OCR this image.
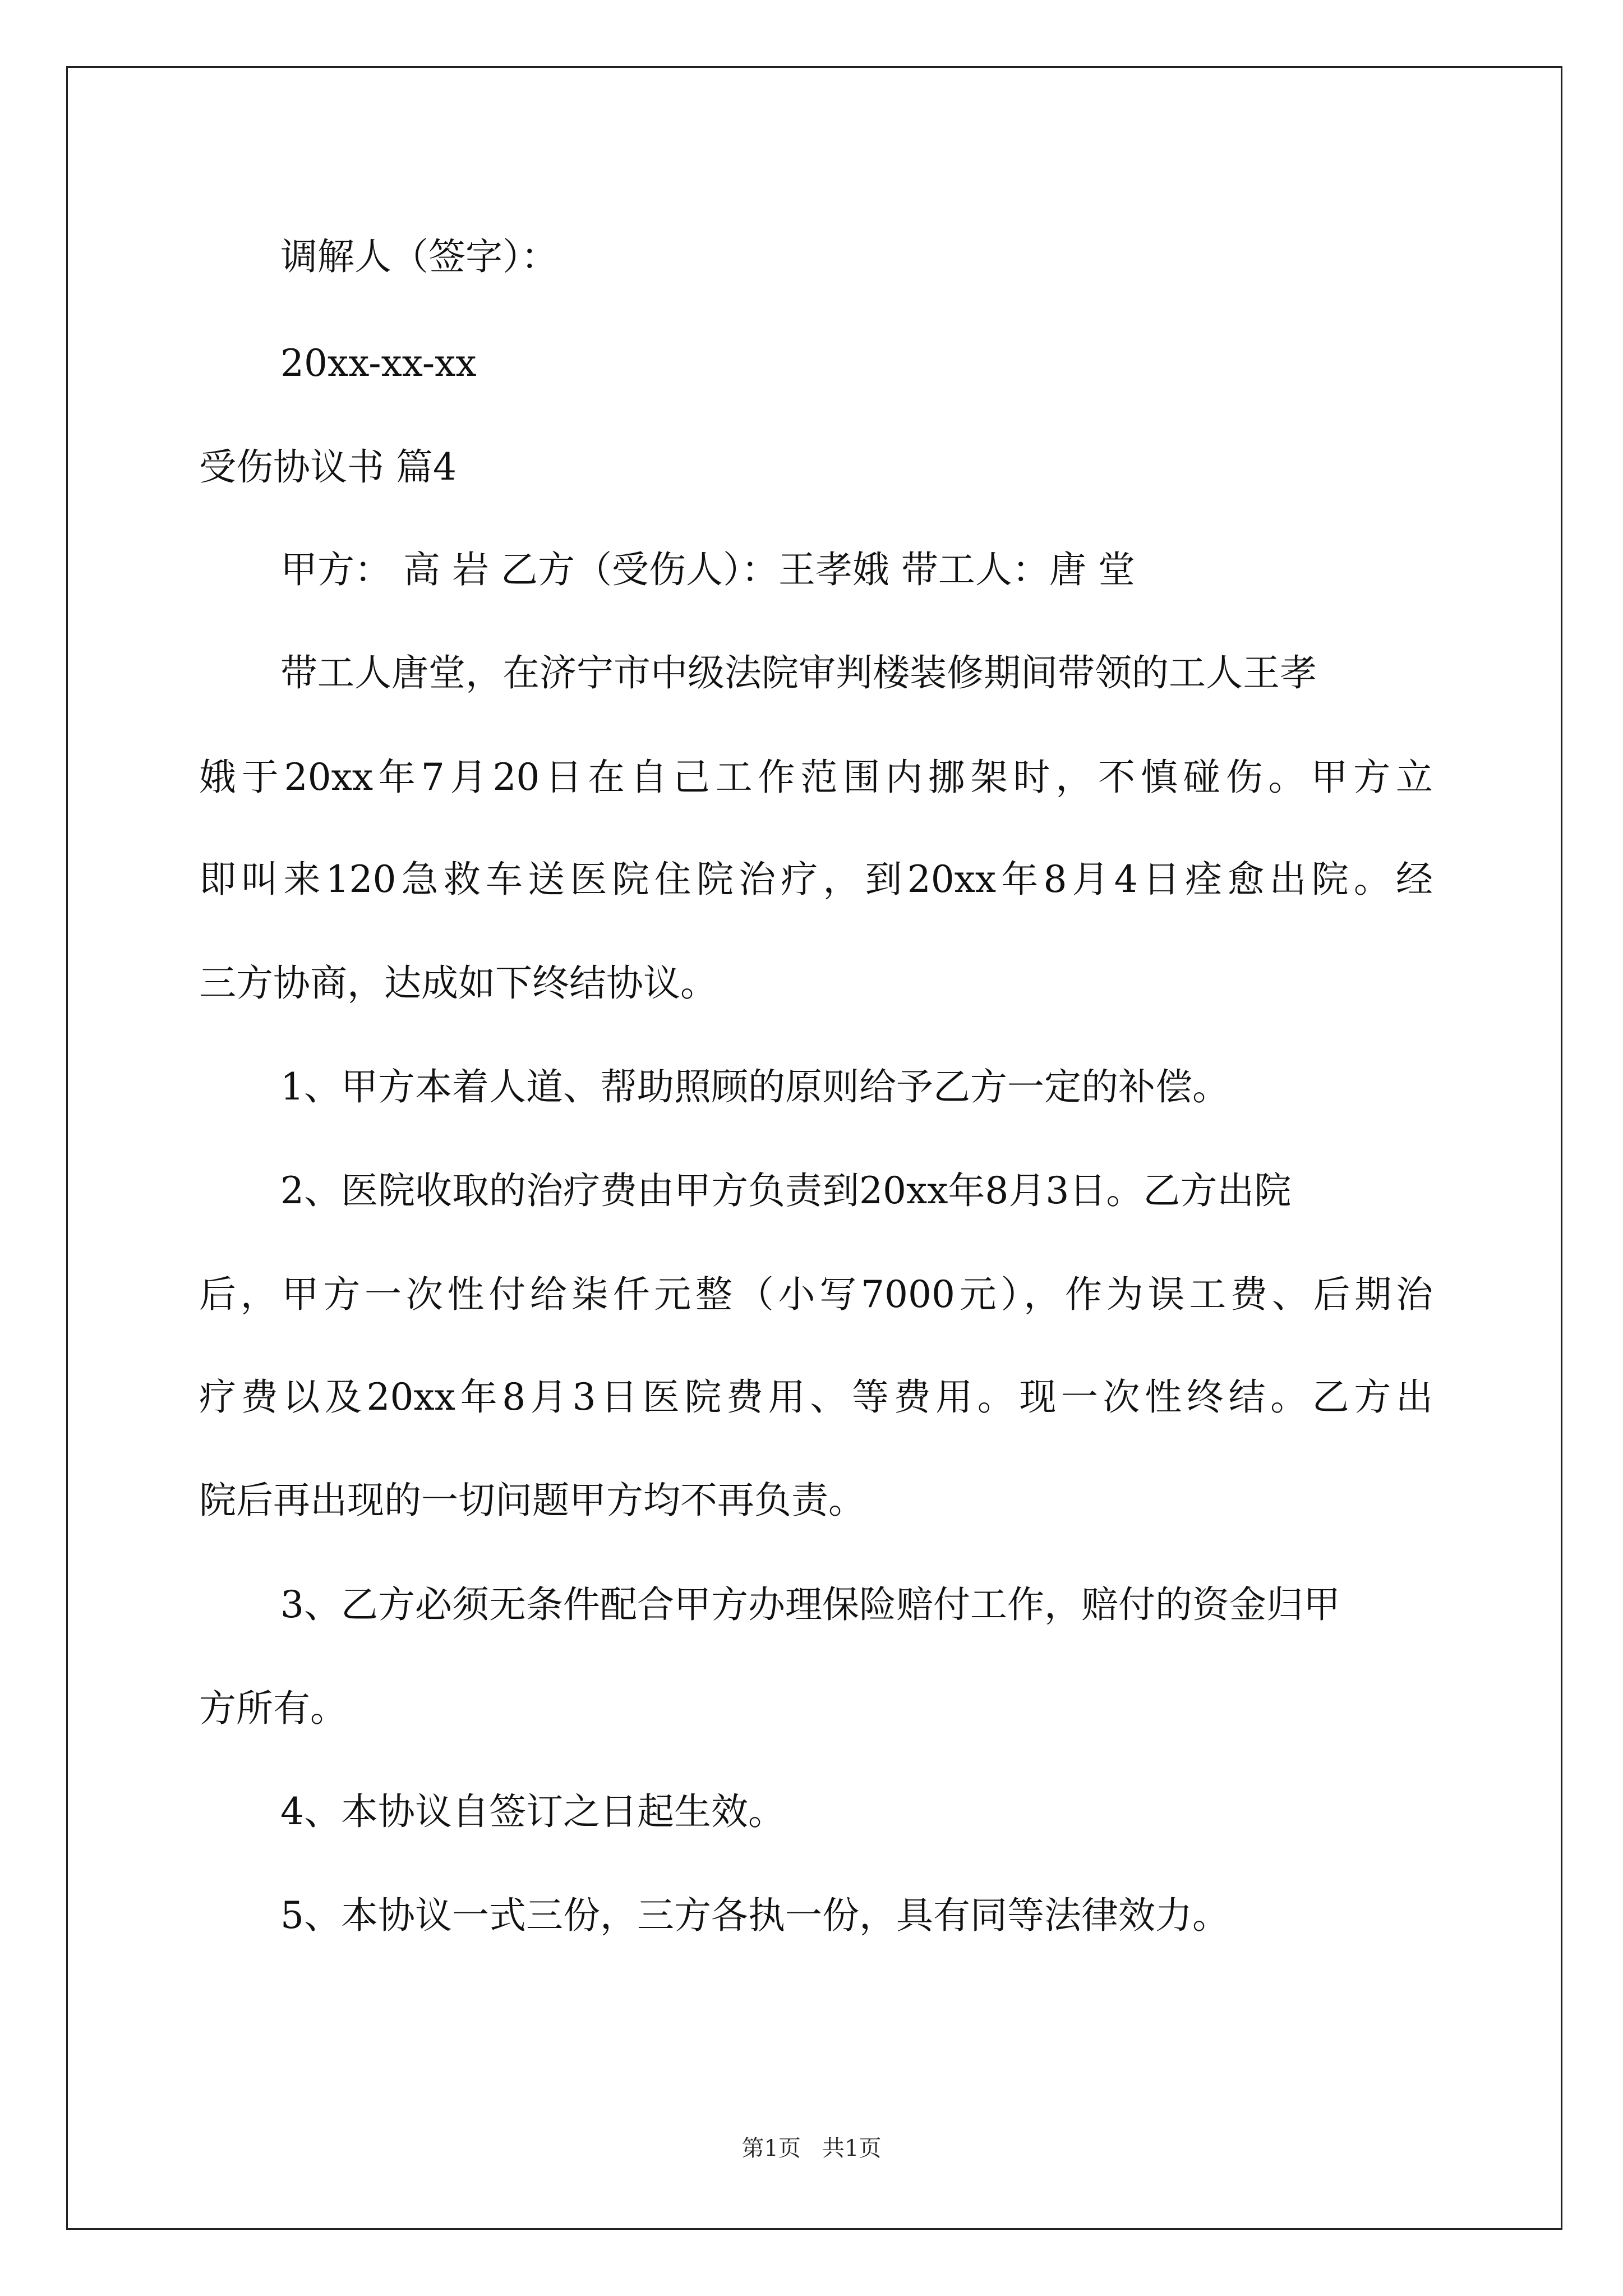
调解人（签字）：
20xx-xx-xx
受伤协议书 篇4
甲方： 高 岩 乙方（受伤人）：王孝娥 带工人：唐 堂
带工人唐堂，在济宁市中级法院审判楼装修期间带领的工人王孝
娥于20xx年7月20日在自己工作范围内挪架时，不慎碰伤。甲方立
即叫来120急救车送医院住院治疗，到20xx年8月4日痊愈出院。经
三方协商，达成如下终结协议。
1、甲方本着人道、帮助照顾的原则给予乙方一定的补偿。
2、医院收取的治疗费由甲方负责到20xx年8月3日。乙方出院
后，甲方一次性付给柒仟元整（小写7000元），作为误工费、后期治
疗费以及20xx年8月3日医院费用、等费用。现一次性终结。乙方出
院后再出现的一切问题甲方均不再负责。
3、乙方必须无条件配合甲方办理保险赔付工作，赔付的资金归甲
方所有。
4、本协议自签订之日起生效。
5、本协议一式三份，三方各执一份，具有同等法律效力。
第1页   共1页
